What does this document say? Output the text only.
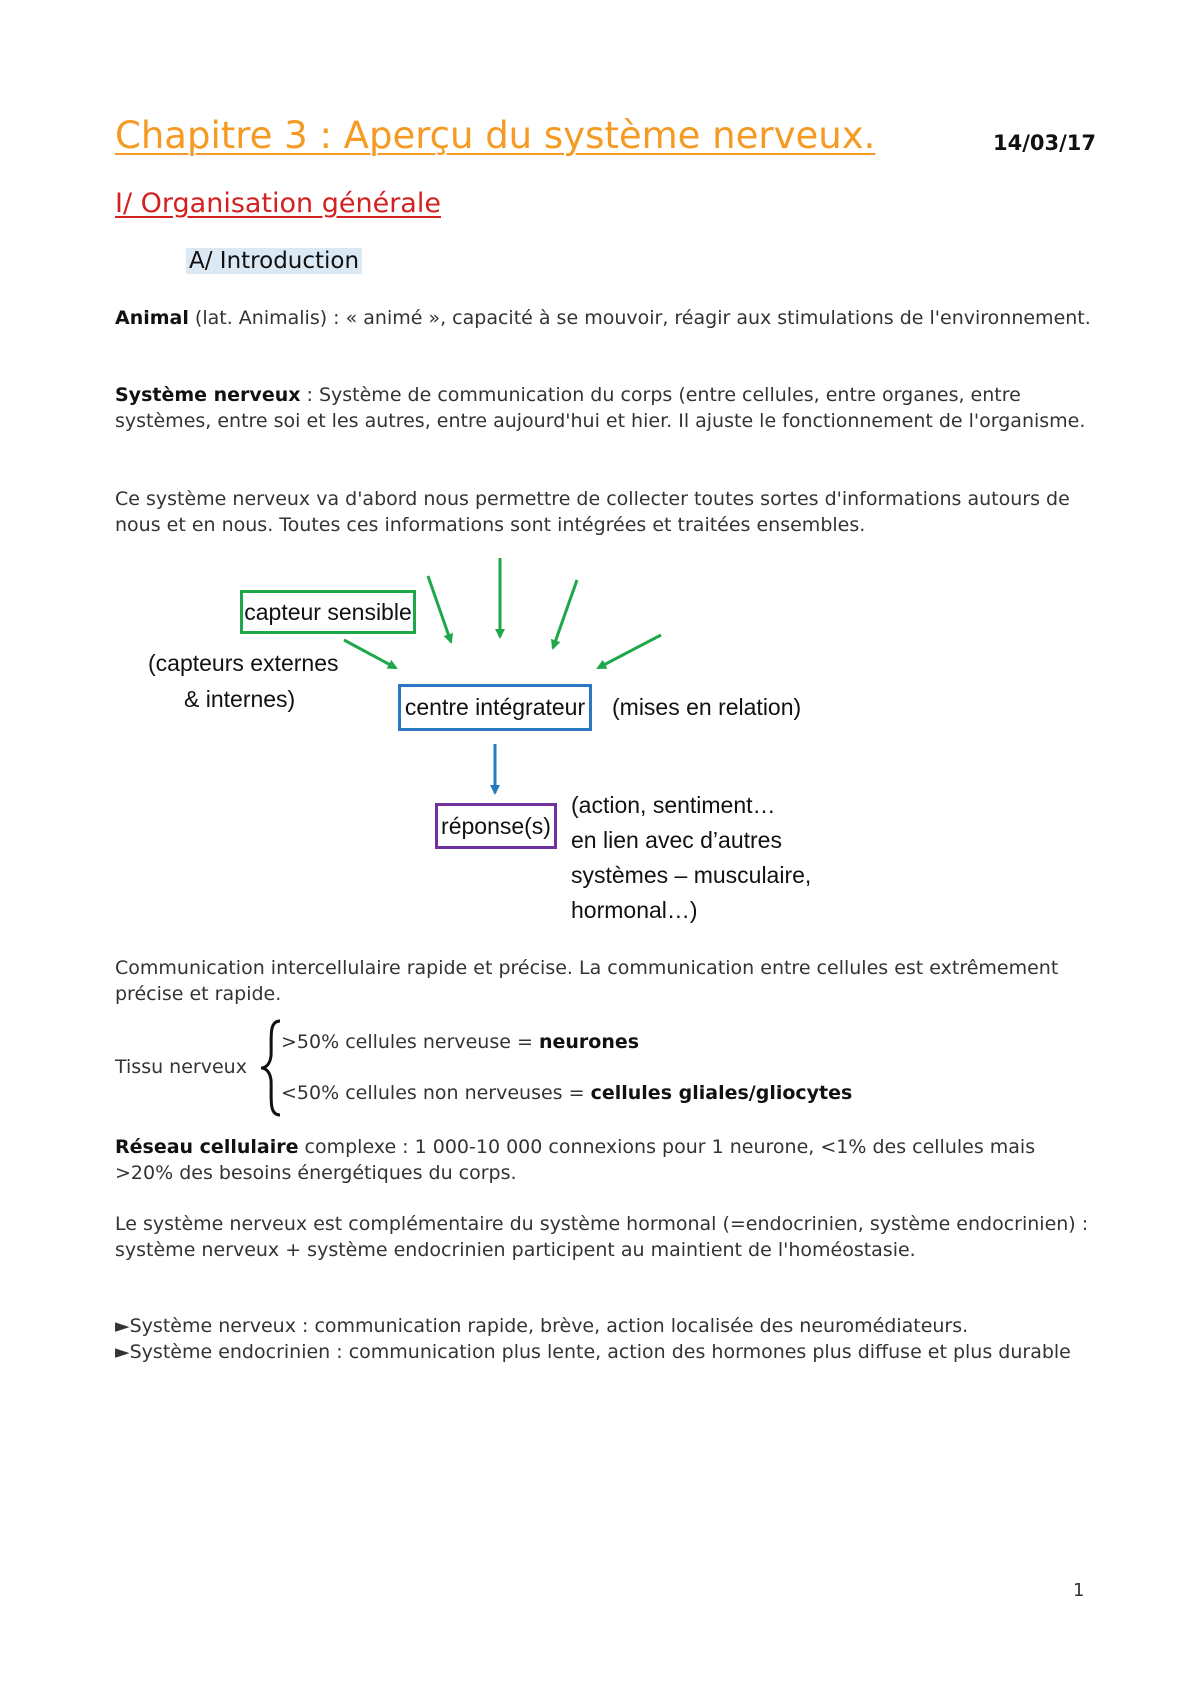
Chapitre 3 : Aperçu du système nerveux.	14/03/17
I/ Organisation générale
A/ Introduction
Animal (lat. Animalis) : « animé », capacité à se mouvoir, réagir aux stimulations de l'environnement.
Système nerveux : Système de communication du corps (entre cellules, entre organes, entre systèmes, entre soi et les autres, entre aujourd'hui et hier. Il ajuste le fonctionnement de l'organisme.
Ce système nerveux va d'abord nous permettre de collecter toutes sortes d'informations autours de nous et en nous. Toutes ces informations sont intégrées et traitées ensembles.
capteur sensible
(capteurs externes
& internes)	centre intégrateur (mises en relation)
réponse(s)
(action, sentiment…
en lien avec d’autres
systèmes – musculaire,
hormonal…)
Communication intercellulaire rapide et précise. La communication entre cellules est extrêmement précise et rapide.
Tissu nerveux
>50% cellules nerveuse = neurones
<50% cellules non nerveuses = cellules gliales/gliocytes
Réseau cellulaire complexe : 1 000-10 000 connexions pour 1 neurone, <1% des cellules mais >20% des besoins énergétiques du corps.
Le système nerveux est complémentaire du système hormonal (=endocrinien, système endocrinien) : système nerveux + système endocrinien participent au maintient de l'homéostasie.
►Système nerveux : communication rapide, brève, action localisée des neuromédiateurs.
►Système endocrinien : communication plus lente, action des hormones plus diffuse et plus durable
1
